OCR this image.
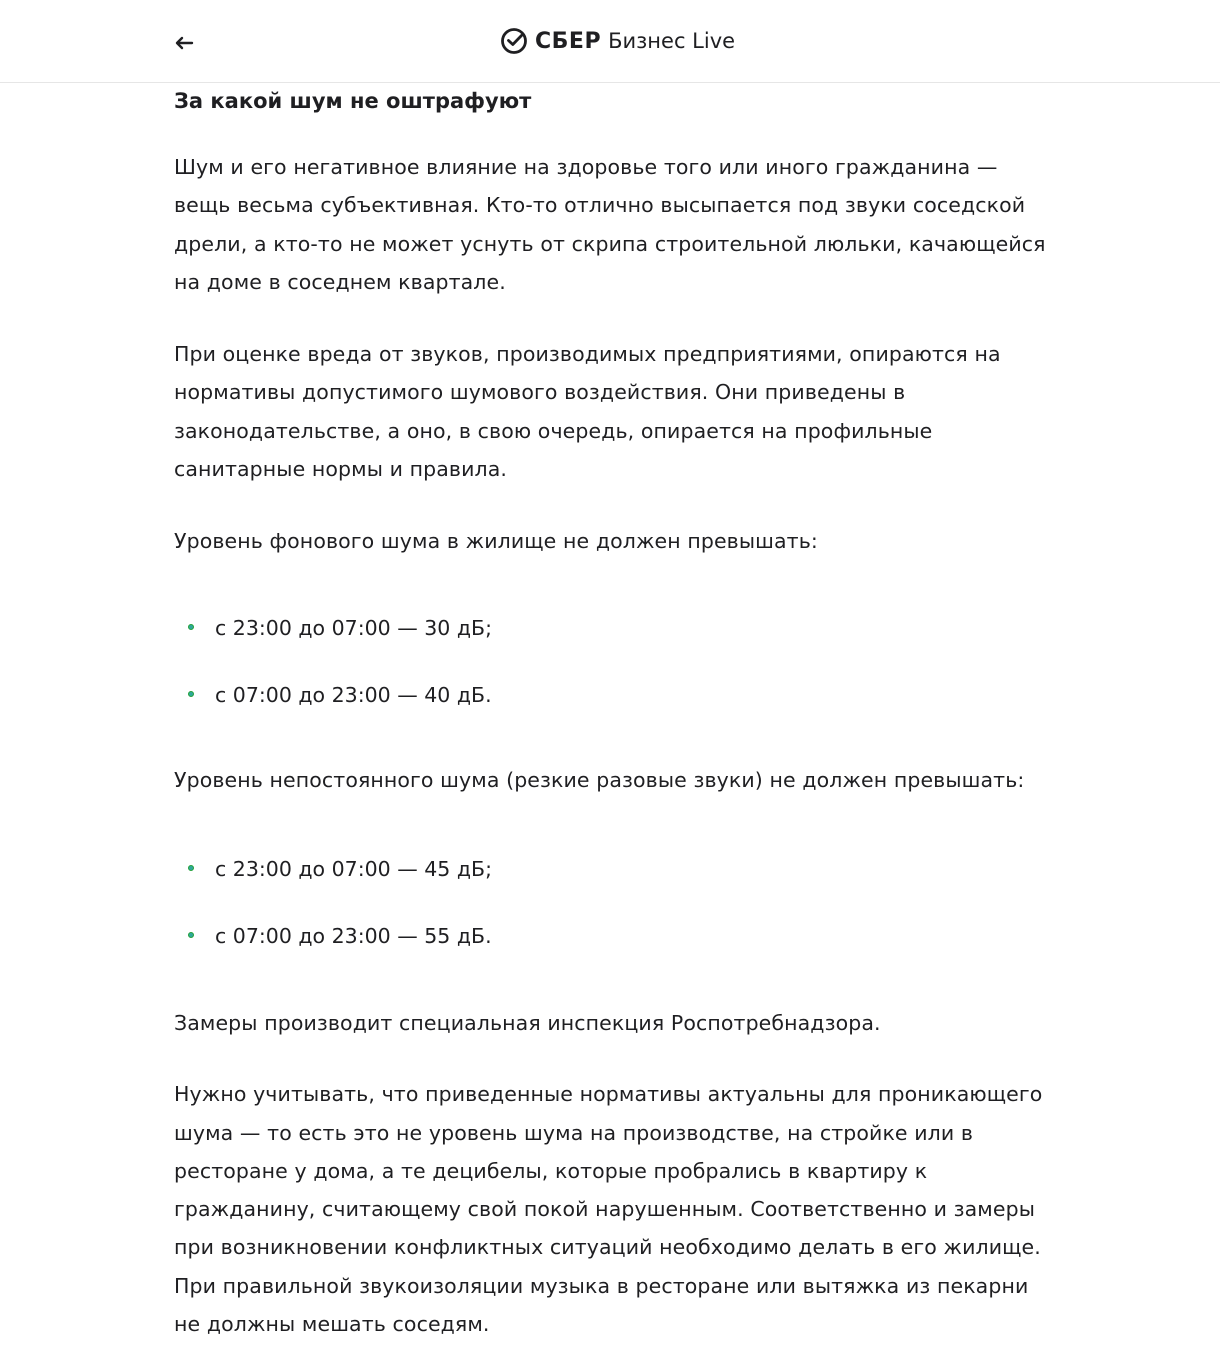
СБЕР Бизнес Live
За какой шум не оштрафуют

Шум и его негативное влияние на здоровье того или иного гражданина — вещь весьма субъективная. Кто-то отлично высыпается под звуки соседской дрели, а кто-то не может уснуть от скрипа строительной люльки, качающейся на доме в соседнем квартале.

При оценке вреда от звуков, производимых предприятиями, опираются на нормативы допустимого шумового воздействия. Они приведены в законодательстве, а оно, в свою очередь, опирается на профильные санитарные нормы и правила.

Уровень фонового шума в жилище не должен превышать:

с 23:00 до 07:00 — 30 дБ;
с 07:00 до 23:00 — 40 дБ.

Уровень непостоянного шума (резкие разовые звуки) не должен превышать:

с 23:00 до 07:00 — 45 дБ;
с 07:00 до 23:00 — 55 дБ.

Замеры производит специальная инспекция Роспотребнадзора.

Нужно учитывать, что приведенные нормативы актуальны для проникающего шума — то есть это не уровень шума на производстве, на стройке или в ресторане у дома, а те децибелы, которые пробрались в квартиру к гражданину, считающему свой покой нарушенным. Соответственно и замеры при возникновении конфликтных ситуаций необходимо делать в его жилище. При правильной звукоизоляции музыка в ресторане или вытяжка из пекарни не должны мешать соседям.
